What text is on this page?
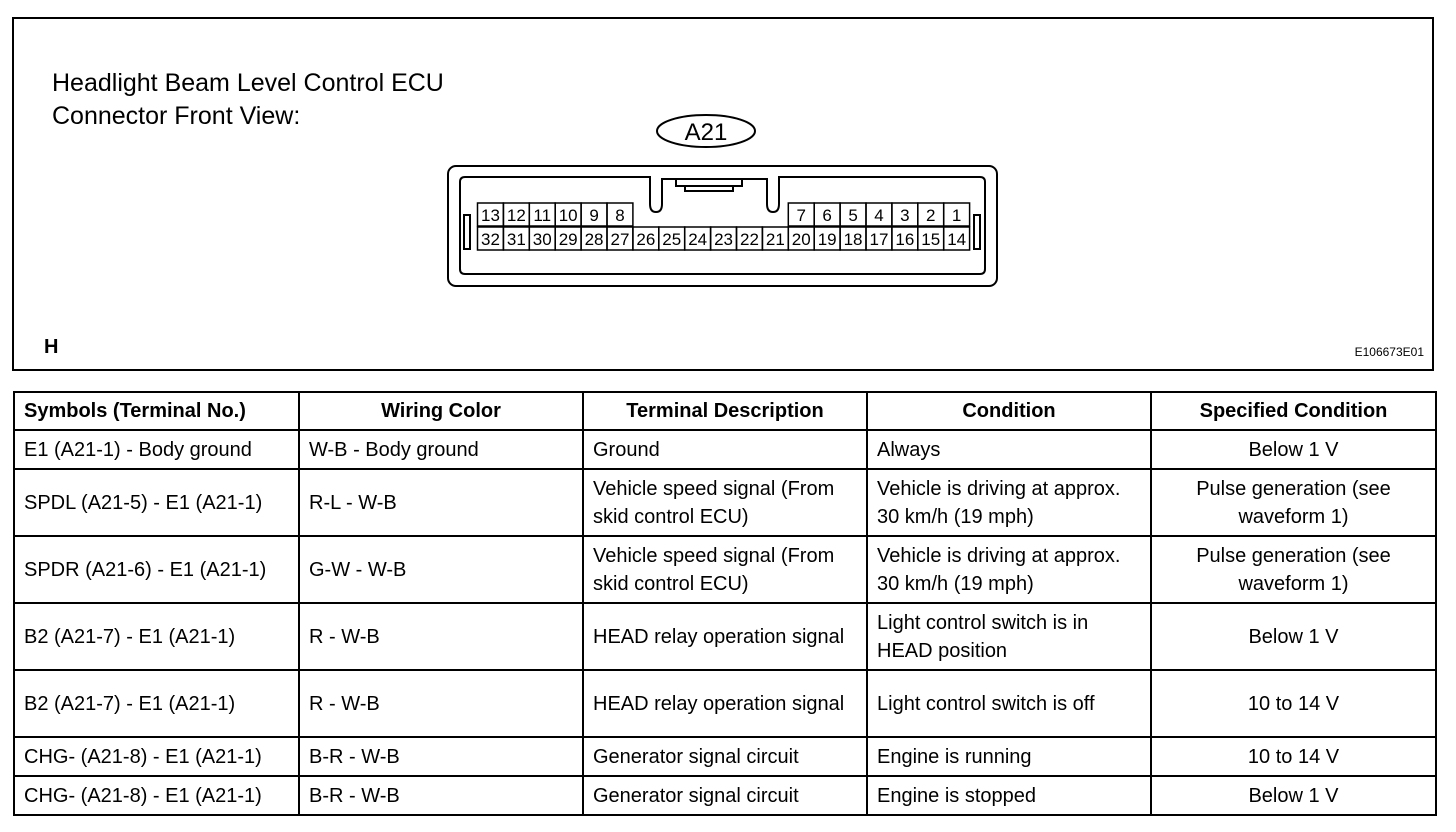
Headlight Beam Level Control ECU
Connector Front View:
A21
13 12 11 10 9 8	7 6 5 4 3 2 1
32 31 30 29 28 27 26 25 24 23 22 21 20 19 18 17 16 15 14
H	E106673E01
Symbols (Terminal No.)	Wiring Color	Terminal Description	Condition	Specified Condition
E1 (A21-1) - Body ground	W-B - Body ground	Ground	Always	Below 1 V
SPDL (A21-5) - E1 (A21-1)	R-L - W-B	Vehicle speed signal (From skid control ECU)	Vehicle is driving at approx. 30 km/h (19 mph)	Pulse generation (see waveform 1)
SPDR (A21-6) - E1 (A21-1)	G-W - W-B	Vehicle speed signal (From skid control ECU)	Vehicle is driving at approx. 30 km/h (19 mph)	Pulse generation (see waveform 1)
B2 (A21-7) - E1 (A21-1)	R - W-B	HEAD relay operation signal	Light control switch is in HEAD position	Below 1 V
B2 (A21-7) - E1 (A21-1)	R - W-B	HEAD relay operation signal	Light control switch is off	10 to 14 V
CHG- (A21-8) - E1 (A21-1)	B-R - W-B	Generator signal circuit	Engine is running	10 to 14 V
CHG- (A21-8) - E1 (A21-1)	B-R - W-B	Generator signal circuit	Engine is stopped	Below 1 V
